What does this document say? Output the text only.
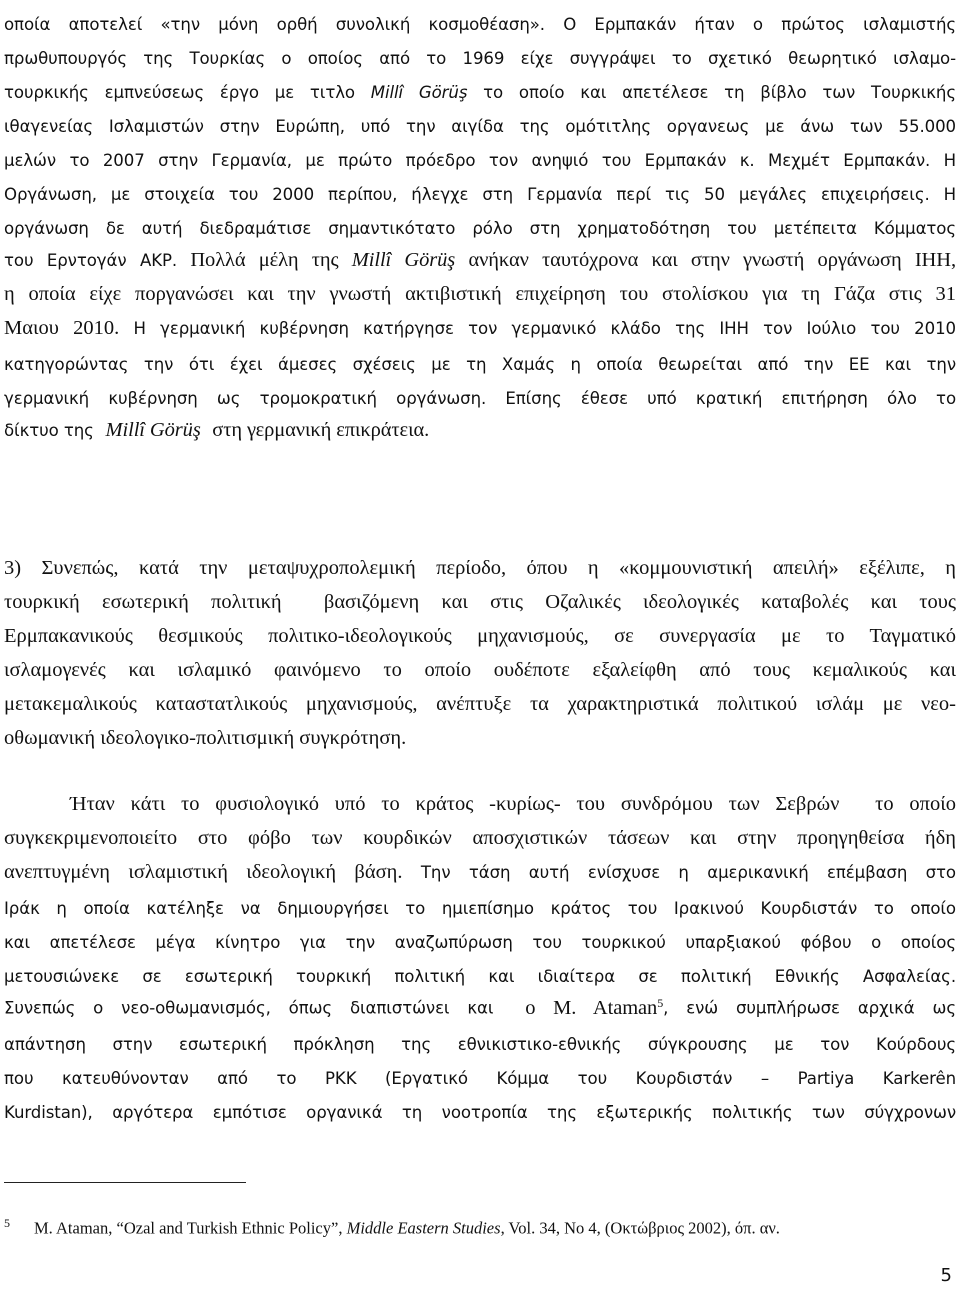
οποία αποτελεί «την μόνη ορθή συνολική κοσμοθέαση». Ο Ερμπακάν ήταν ο πρώτος ισλαμιστής
πρωθυπουργός της Τουρκίας ο οποίος από το 1969 είχε συγγράψει το σχετικό θεωρητικό ισλαμο-
τουρκικής εμπνεύσεως έργο με τιτλο Millî Görüş το οποίο και απετέλεσε τη βίβλο των Τουρκικής
ιθαγενείας Ισλαμιστών στην Ευρώπη, υπό την αιγίδα της ομότιτλης οργανεως με άνω των 55.000
μελών το 2007 στην Γερμανία, με πρώτο πρόεδρο τον ανηψιό του Ερμπακάν κ. Μεχμέτ Ερμπακάν. Η
Οργάνωση, με στοιχεία του 2000 περίπου, ήλεγχε στη Γερμανία περί τις 50 μεγάλες επιχειρήσεις. Η
οργάνωση δε αυτή διεδραμάτισε σημαντικότατο ρόλο στη χρηματοδότηση του μετέπειτα Κόμματος
του Ερντογάν ΑΚΡ. Πολλά μέλη της Millî Görüş ανήκαν ταυτόχρονα και στην γνωστή οργάνωση ΙΗΗ,
η οποία είχε ποργανώσει και την γνωστή ακτιβιστική επιχείρηση του στολίσκου για τη Γάζα στις 31
Μαιου 2010. Η γερμανική κυβέρνηση κατήργησε τον γερμανικό κλάδο της ΙΗΗ τον Ιούλιο του 2010
κατηγορώντας την ότι έχει άμεσες σχέσεις με τη Χαμάς η οποία θεωρείται από την ΕΕ και την
γερμανική κυβέρνηση ως τρομοκρατική οργάνωση. Επίσης έθεσε υπό κρατική επιτήρηση όλο το
δίκτυο της Millî Görüş στη γερμανική επικράτεια.
3) Συνεπώς, κατά την μεταψυχροπολεμική περίοδο, όπου η «κομμουνιστική απειλή» εξέλιπε, η
τουρκική εσωτερική πολιτική βασιζόμενη και στις Οζαλικές ιδεολογικές καταβολές και τους
Ερμπακανικούς θεσμικούς πολιτικο-ιδεολογικούς μηχανισμούς, σε συνεργασία με το Ταγματικό
ισλαμογενές και ισλαμικό φαινόμενο το οποίο ουδέποτε εξαλείφθη από τους κεμαλικούς και
μετακεμαλικούς καταστατλικούς μηχανισμούς, ανέπτυξε τα χαρακτηριστικά πολιτικού ισλάμ με νεο-
οθωμανική ιδεολογικο-πολιτισμική συγκρότηση.
Ήταν κάτι το φυσιολογικό υπό το κράτος -κυρίως- του συνδρόμου των Σεβρών το οποίο
συγκεκριμενοποιείτο στο φόβο των κουρδικών αποσχιστικών τάσεων και στην προηγηθείσα ήδη
ανεπτυγμένη ισλαμιστική ιδεολογική βάση. Την τάση αυτή ενίσχυσε η αμερικανική επέμβαση στο
Ιράκ η οποία κατέληξε να δημιουργήσει το ημιεπίσημο κράτος του Ιρακινού Κουρδιστάν το οποίο
και απετέλεσε μέγα κίνητρο για την αναζωπύρωση του τουρκικού υπαρξιακού φόβου ο οποίος
μετουσιώνεκε σε εσωτερική τουρκική πολιτική και ιδιαίτερα σε πολιτική Εθνικής Ασφαλείας.
Συνεπώς ο νεο-οθωμανισμός, όπως διαπιστώνει και ο M. Ataman$^5$, ενώ συμπλήρωσε αρχικά ως
απάντηση στην εσωτερική πρόκληση της εθνικιστικο-εθνικής σύγκρουσης με τον Κούρδους
που κατευθύνονταν από το PKK (Εργατικό Κόμμα του Κουρδιστάν – Partiya Karkerên
Kurdistan), αργότερα εμπότισε οργανικά τη νοοτροπία της εξωτερικής πολιτικής των σύγχρονων
5 M. Ataman, “Ozal and Turkish Ethnic Policy”, Middle Eastern Studies, Vol. 34, No 4, (Οκτώβριος 2002), όπ. αν.
5
